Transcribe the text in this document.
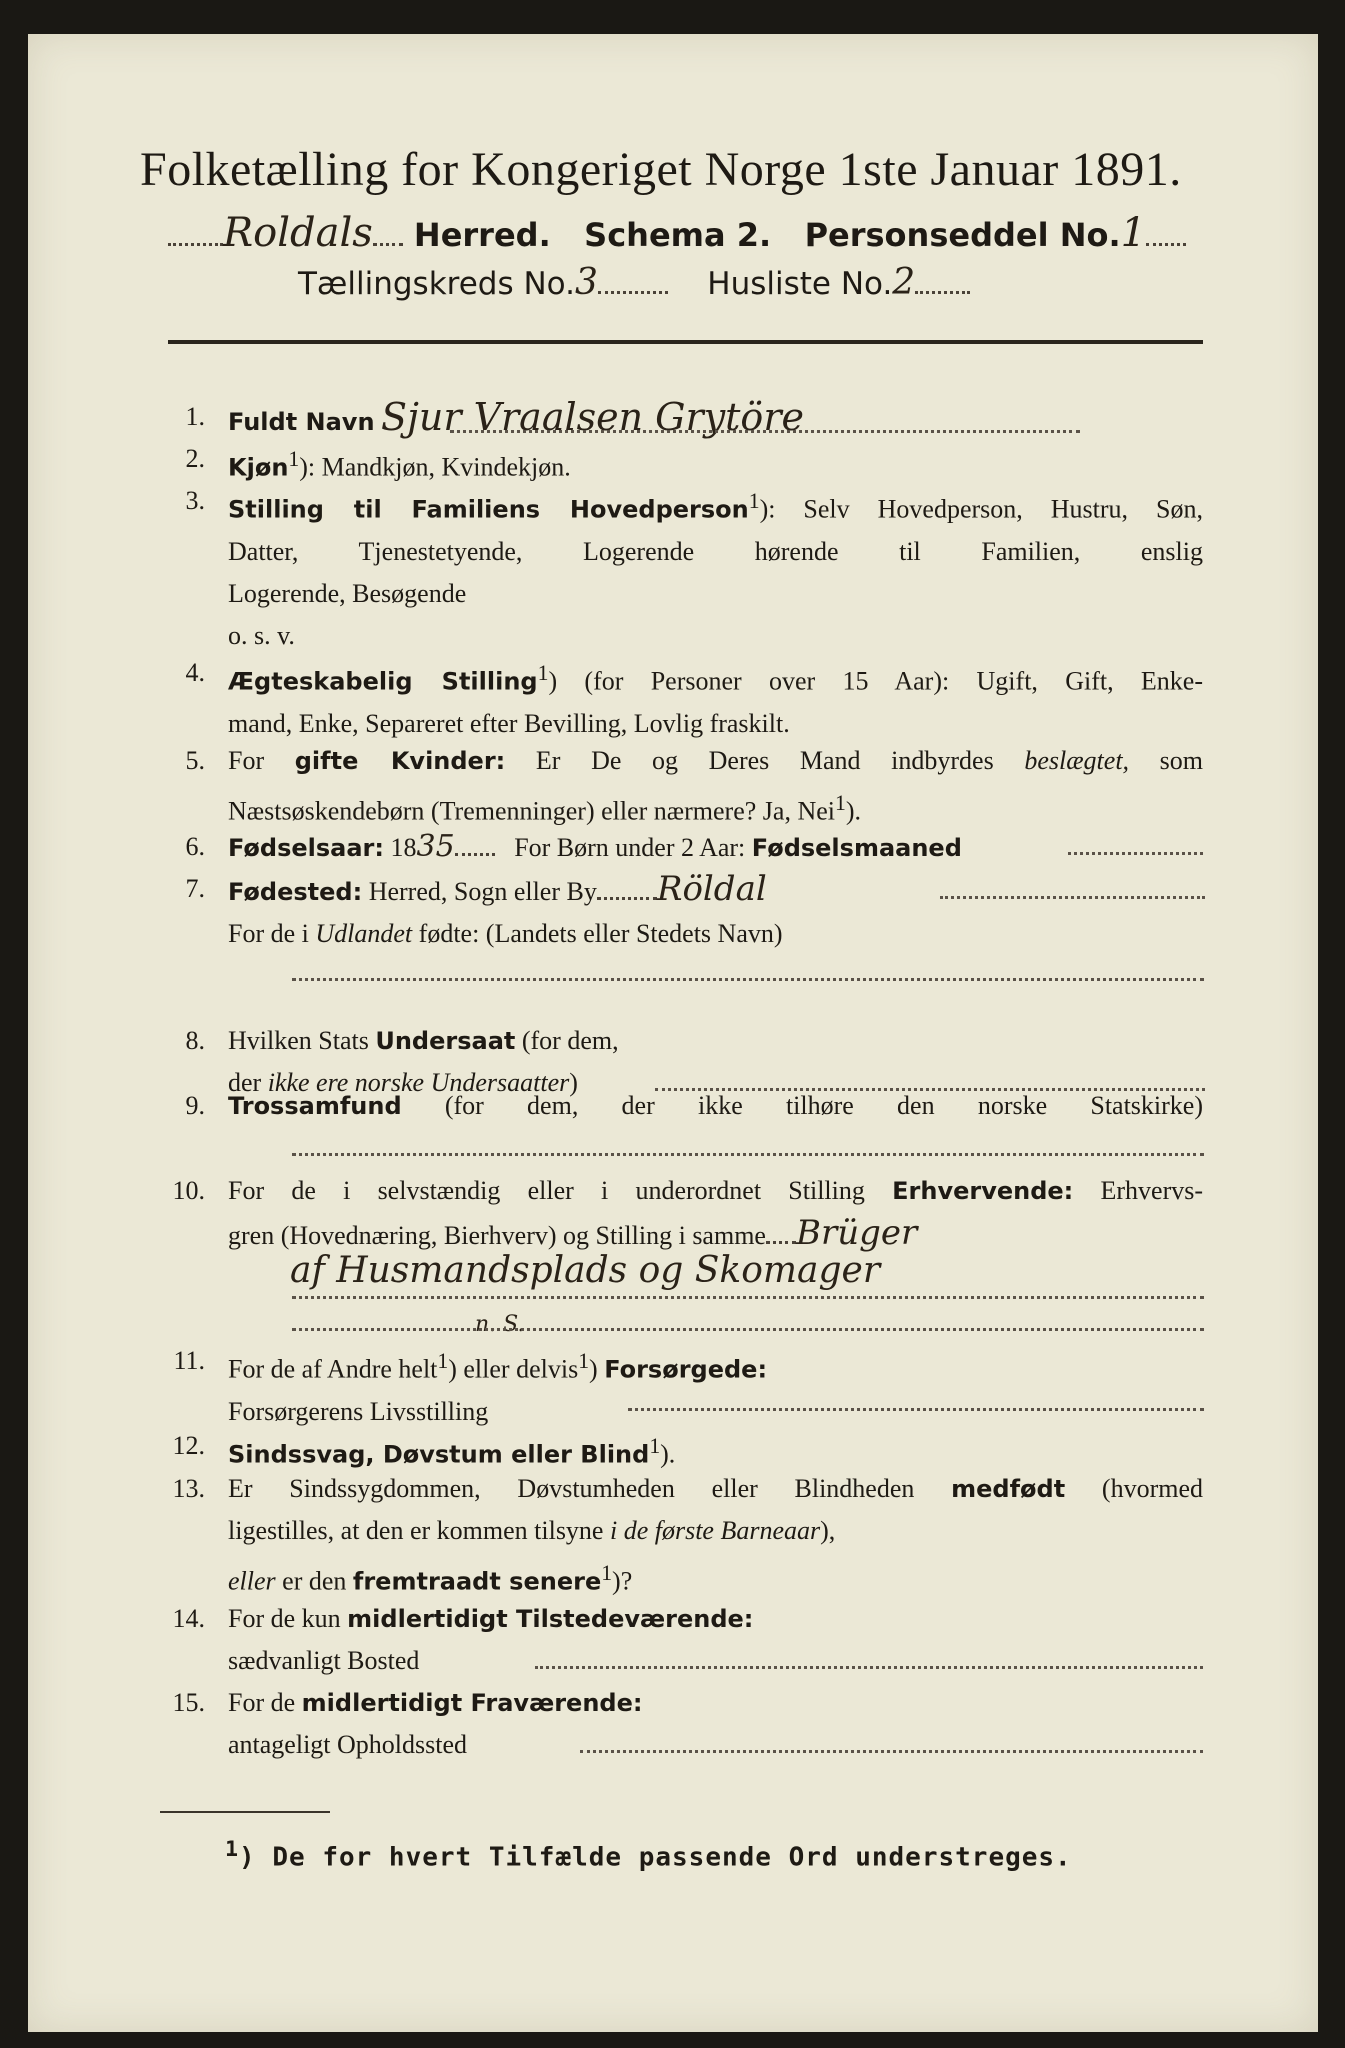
Folketælling for Kongeriget Norge 1ste Januar 1891.
Roldals Herred. Schema 2. Personseddel No.1
Tællingskreds No.3	Husliste No.2
1. Fuldt Navn Sjur Vraalsen Grytöre
2. Kjøn$^1$): Mandkjøn, Kvindekjøn.
3. Stilling til Familiens Hovedperson$^1$): Selv Hovedperson, Hustru, Søn,
Datter, Tjenestetyende, Logerende hørende til Familien, enslig
Logerende, Besøgende
o. s. v.
4. Ægteskabelig Stilling$^1$) (for Personer over 15 Aar): Ugift, Gift, Enke-
mand, Enke, Separeret efter Bevilling, Lovlig fraskilt.
5. For gifte Kvinder: Er De og Deres Mand indbyrdes beslægtet, som
Næstsøskendebørn (Tremenninger) eller nærmere? Ja, Nei$^1$).
6. Fødselsaar: 1835 For Børn under 2 Aar: Fødselsmaaned
7. Fødested: Herred, Sogn eller By Röldal
For de i Udlandet fødte: (Landets eller Stedets Navn)
8. Hvilken Stats Undersaat (for dem,
der ikke ere norske Undersaatter)
9. Trossamfund (for dem, der ikke tilhøre den norske Statskirke)
10. For de i selvstændig eller i underordnet Stilling Erhvervende: Erhvervs-
gren (Hovednæring, Bierhverv) og Stilling i samme Brüger
af Husmandsplads og Skomager
n. S.
11. For de af Andre helt$^1$) eller delvis$^1$) Forsørgede:
Forsørgerens Livsstilling
12. Sindssvag, Døvstum eller Blind$^1$).
13. Er Sindssygdommen, Døvstumheden eller Blindheden medfødt (hvormed
ligestilles, at den er kommen tilsyne i de første Barneaar),
eller er den fremtraadt senere$^1$)?
14. For de kun midlertidigt Tilstedeværende:
sædvanligt Bosted
15. For de midlertidigt Fraværende:
antageligt Opholdssted
$^1$) De for hvert Tilfælde passende Ord understreges.
